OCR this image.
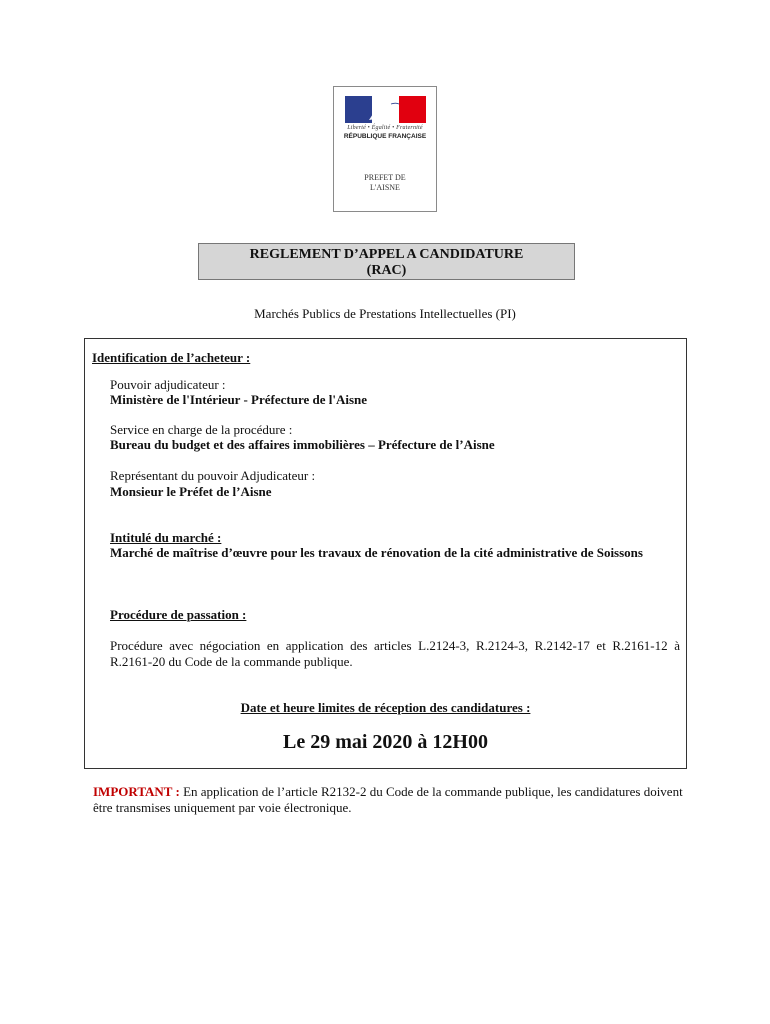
Liberté • Égalité • Fraternité
RÉPUBLIQUE FRANÇAISE
PREFET DE
L'AISNE
REGLEMENT D’APPEL A CANDIDATURE
(RAC)
Marchés Publics de Prestations Intellectuelles (PI)
Identification de l’acheteur :
Pouvoir adjudicateur :
Ministère de l'Intérieur - Préfecture de l'Aisne
Service en charge de la procédure :
Bureau du budget et des affaires immobilières – Préfecture de l’Aisne
Représentant du pouvoir Adjudicateur :
Monsieur le Préfet de l’Aisne
Intitulé du marché :
Marché de maîtrise d’œuvre pour les travaux de rénovation de la cité administrative de Soissons
Procédure de passation :
Procédure avec négociation en application des articles L.2124-3, R.2124-3, R.2142-17 et R.2161-12 à R.2161-20 du Code de la commande publique.
Date et heure limites de réception des candidatures :
Le 29 mai 2020 à 12H00
IMPORTANT : En application de l’article R2132-2 du Code de la commande publique, les candidatures doivent être transmises uniquement par voie électronique.
